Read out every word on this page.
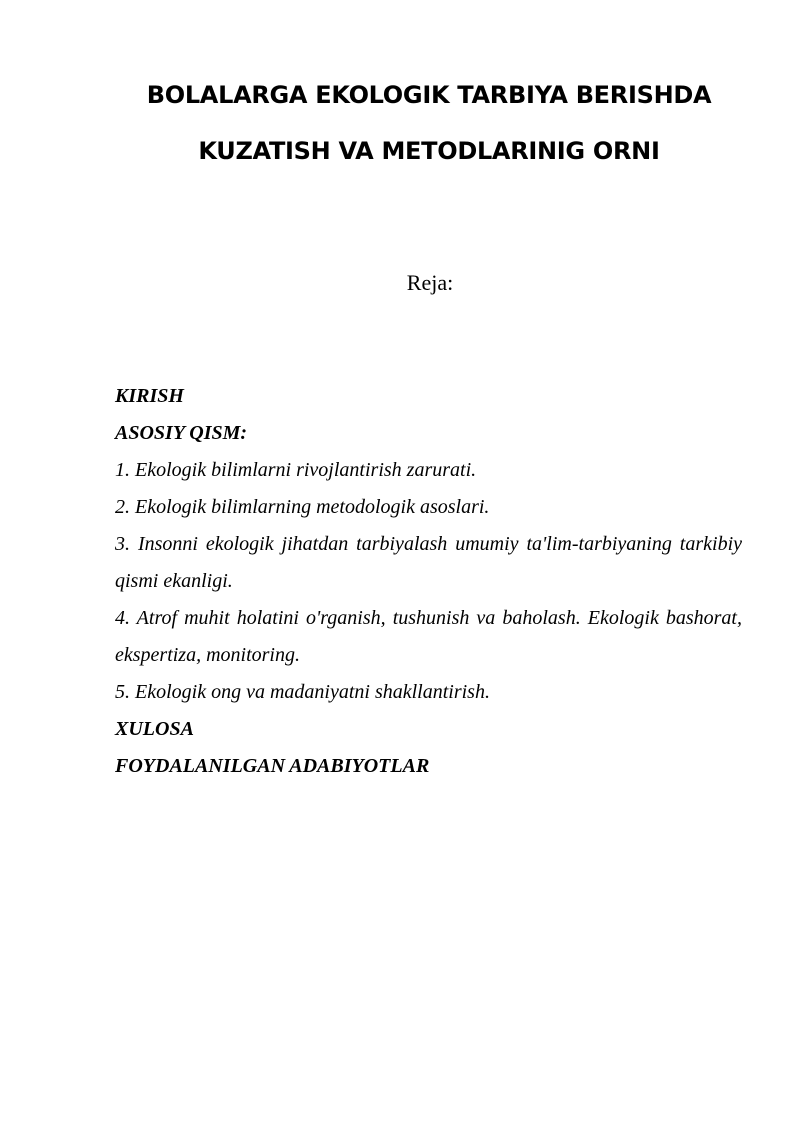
BOLALARGA EKOLOGIK TARBIYA BERISHDA
KUZATISH VA METODLARINIG ORNI
Reja:

KIRISH

ASOSIY QISM:

1. Ekologik bilimlarni rivojlantirish zarurati.

2. Ekologik bilimlarning metodologik asoslari.

3. Insonni ekologik jihatdan tarbiyalash umumiy ta'lim-tarbiyaning tarkibiy qismi ekanligi.

4. Atrof muhit holatini o'rganish, tushunish va baholash. Ekologik bashorat, ekspertiza, monitoring.

5. Ekologik ong va madaniyatni shakllantirish.

XULOSA

FOYDALANILGAN ADABIYOTLAR
